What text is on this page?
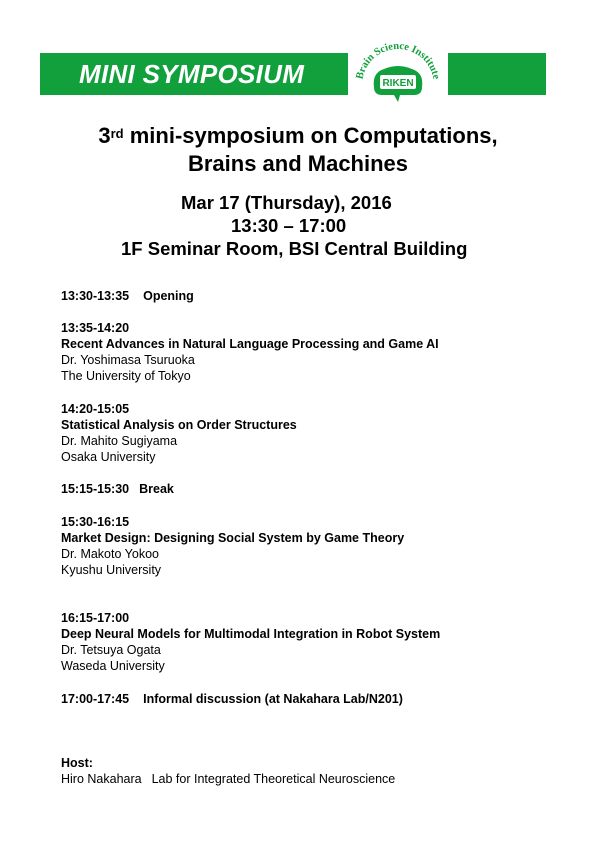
MINI SYMPOSIUM	Brain Science Institute
RIKEN
3rd mini-symposium on Computations,
Brains and Machines
Mar 17 (Thursday), 2016
13:30 – 17:00
1F Seminar Room, BSI Central Building
13:30-13:35 Opening
13:35-14:20
Recent Advances in Natural Language Processing and Game AI
Dr. Yoshimasa Tsuruoka
The University of Tokyo
14:20-15:05
Statistical Analysis on Order Structures
Dr. Mahito Sugiyama
Osaka University
15:15-15:30 Break
15:30-16:15
Market Design: Designing Social System by Game Theory
Dr. Makoto Yokoo
Kyushu University
16:15-17:00
Deep Neural Models for Multimodal Integration in Robot System
Dr. Tetsuya Ogata
Waseda University
17:00-17:45 Informal discussion (at Nakahara Lab/N201)
Host:
Hiro Nakahara Lab for Integrated Theoretical Neuroscience
